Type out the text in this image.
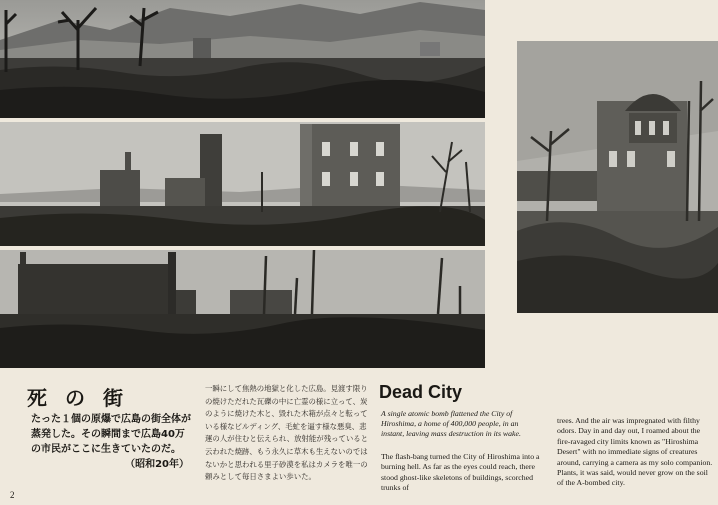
死の街
たった１個の原爆で広島の街全体が蒸発した。その瞬間まで広島40万の市民がここに生きていたのだ。
（昭和20年）
一瞬にして焦熱の地獄と化した広島。見渡す限りの焼けただれた瓦礫の中に亡霊の様に立って、炭のように焼けた木と、毀れた木箱が点々と転っている様なビルディング、毛虻を逼す様な悪臭、悲運の人が住むと伝えられ、放射能が残っていると云われた焼跡、もう永久に草木も生えないのではないかと思われる里子砂漠を私はカメラを唯一の頼みとして毎日さまよい歩いた。
Dead City
A single atomic bomb flattened the City of Hiroshima, a home of 400,000 people, in an instant, leaving mass destruction in its wake.
The flash-bang turned the City of Hiroshima into a burning hell. As far as the eyes could reach, there stood ghost-like skeletons of buildings, scorched trunks of
trees. And the air was impregnated with filthy odors. Day in and day out, I roamed about the fire-ravaged city limits known as "Hiroshima Desert" with no immediate signs of creatures around, carrying a camera as my solo companion. Plants, it was said, would never grow on the soil of the A-bombed city.
2
